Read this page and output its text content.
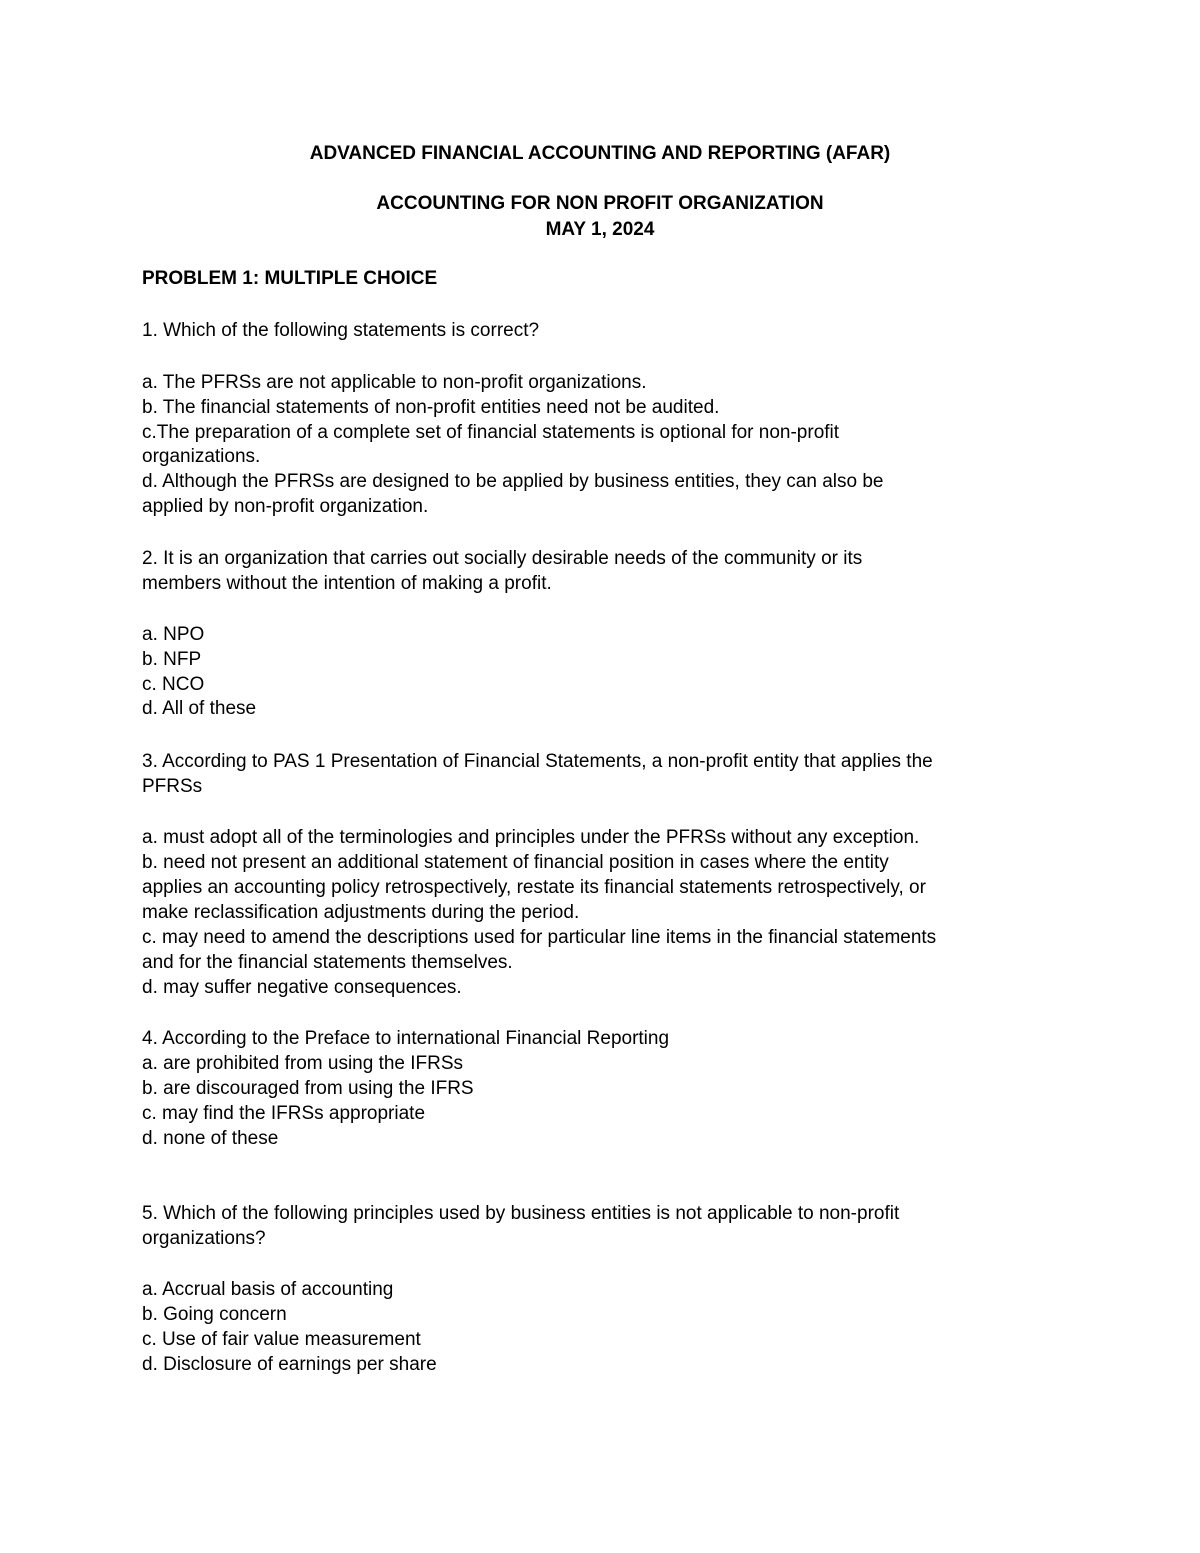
ADVANCED FINANCIAL ACCOUNTING AND REPORTING (AFAR)
ACCOUNTING FOR NON PROFIT ORGANIZATION
MAY 1, 2024
PROBLEM 1: MULTIPLE CHOICE
1. Which of the following statements is correct?
a. The PFRSs are not applicable to non-profit organizations.
b. The financial statements of non-profit entities need not be audited.
c.The preparation of a complete set of financial statements is optional for non-profit
organizations.
d. Although the PFRSs are designed to be applied by business entities, they can also be
applied by non-profit organization.
2. It is an organization that carries out socially desirable needs of the community or its
members without the intention of making a profit.
a. NPO
b. NFP
c. NCO
d. All of these
3. According to PAS 1 Presentation of Financial Statements, a non-profit entity that applies the
PFRSs
a. must adopt all of the terminologies and principles under the PFRSs without any exception.
b. need not present an additional statement of financial position in cases where the entity
applies an accounting policy retrospectively, restate its financial statements retrospectively, or
make reclassification adjustments during the period.
c. may need to amend the descriptions used for particular line items in the financial statements
and for the financial statements themselves.
d. may suffer negative consequences.
4. According to the Preface to international Financial Reporting
a. are prohibited from using the IFRSs
b. are discouraged from using the IFRS
c. may find the IFRSs appropriate
d. none of these
5. Which of the following principles used by business entities is not applicable to non-profit
organizations?
a. Accrual basis of accounting
b. Going concern
c. Use of fair value measurement
d. Disclosure of earnings per share
